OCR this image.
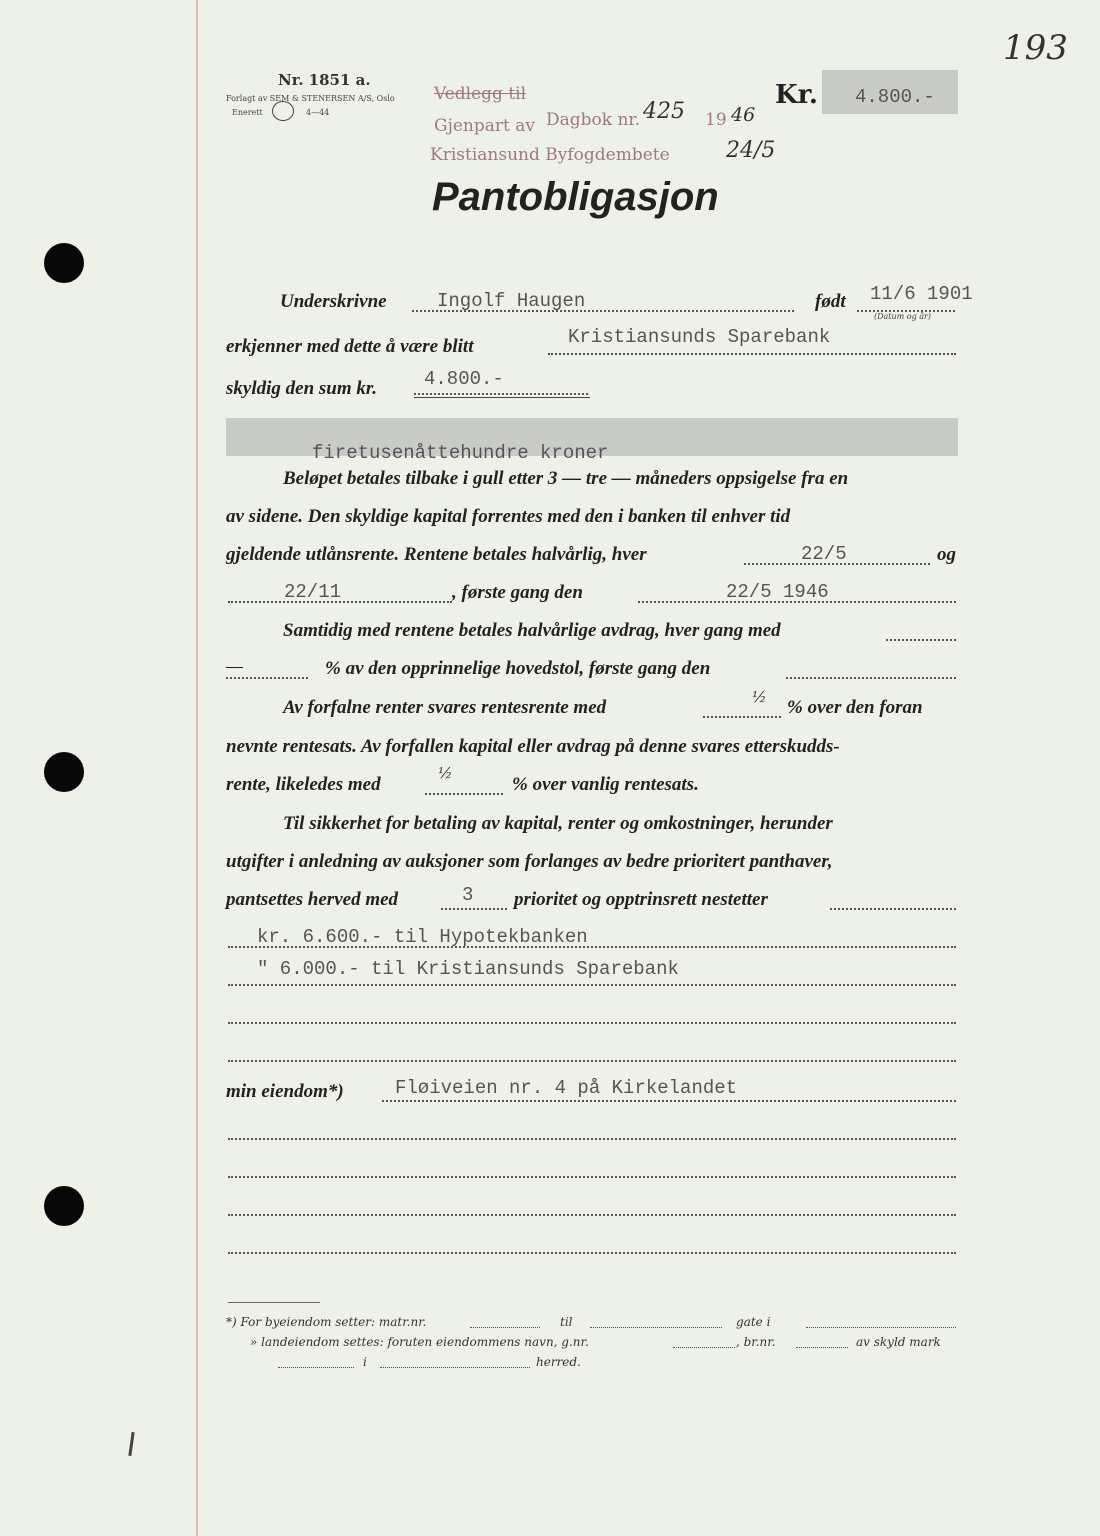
193
Nr. 1851 a.
Forlagt av SEM & STENERSEN A/S, Oslo
Enerett	4—44
Vedlegg til
Gjenpart av
Kristiansund Byfogdembete
Dagbok nr. 425 19 46
24/5
Kr. 4.800.-
Pantobligasjon
Underskrivne	Ingolf Haugen	født 11/6 1901
(Datum og år)
erkjenner med dette å være blitt	Kristiansunds Sparebank
skyldig den sum kr. 4.800.-
firetusenåttehundre kroner
Beløpet betales tilbake i gull etter 3 — tre — måneders oppsigelse fra en
av sidene. Den skyldige kapital forrentes med den i banken til enhver tid
gjeldende utlånsrente. Rentene betales halvårlig, hver	22/5	og
22/11	, første gang den	22/5 1946
Samtidig med rentene betales halvårlige avdrag, hver gang med
—	% av den opprinnelige hovedstol, første gang den
Av forfalne renter svares rentesrente med	½ % over den foran
nevnte rentesats. Av forfallen kapital eller avdrag på denne svares etterskudds-
rente, likeledes med
½
% over vanlig rentesats.
Til sikkerhet for betaling av kapital, renter og omkostninger, herunder
utgifter i anledning av auksjoner som forlanges av bedre prioritert panthaver,
pantsettes herved med	3 prioritet og opptrinsrett nestetter
kr. 6.600.- til Hypotekbanken
" 6.000.- til Kristiansunds Sparebank
min eiendom*)	Fløiveien nr. 4 på Kirkelandet
*) For byeiendom setter: matr.nr.	til	gate i
» landeiendom settes: foruten eiendommens navn, g.nr.	, br.nr.	av skyld mark
i	herred.
